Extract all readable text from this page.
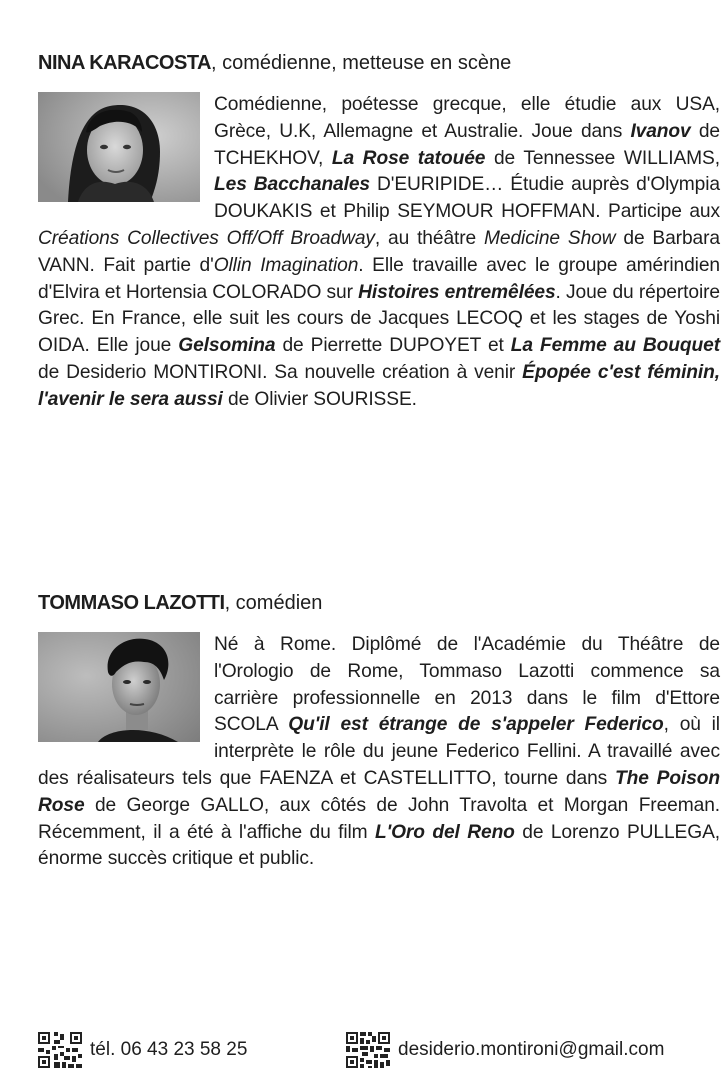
NINA KARACOSTA, comédienne, metteuse en scène

Comédienne, poétesse grecque, elle étudie aux USA, Grèce, U.K, Allemagne et Australie. Joue dans Ivanov de TCHEKHOV, La Rose tatouée de Tennessee WILLIAMS, Les Bacchanales D'EURIPIDE… Étudie auprès d'Olympia DOUKAKIS et Philip SEYMOUR HOFFMAN. Participe aux Créations Collectives Off/Off Broadway, au théâtre Medicine Show de Barbara VANN. Fait partie d'Ollin Imagination. Elle travaille avec le groupe amérindien d'Elvira et Hortensia COLORADO sur Histoires entremêlées. Joue du répertoire Grec. En France, elle suit les cours de Jacques LECOQ et les stages de Yoshi OIDA. Elle joue Gelsomina de Pierrette DUPOYET et La Femme au Bouquet de Desiderio MONTIRONI. Sa nouvelle création à venir Épopée c'est féminin, l'avenir le sera aussi de Olivier SOURISSE.

TOMMASO LAZOTTI, comédien

Né à Rome. Diplômé de l'Académie du Théâtre de l'Orologio de Rome, Tommaso Lazotti commence sa carrière professionnelle en 2013 dans le film d'Ettore SCOLA Qu'il est étrange de s'appeler Federico, où il interprète le rôle du jeune Federico Fellini. A travaillé avec des réalisateurs tels que FAENZA et CASTELLITTO, tourne dans The Poison Rose de George GALLO, aux côtés de John Travolta et Morgan Freeman. Récemment, il a été à l'affiche du film L'Oro del Reno de Lorenzo PULLEGA, énorme succès critique et public.
tél. 06 43 23 58 25	desiderio.montironi@gmail.com
